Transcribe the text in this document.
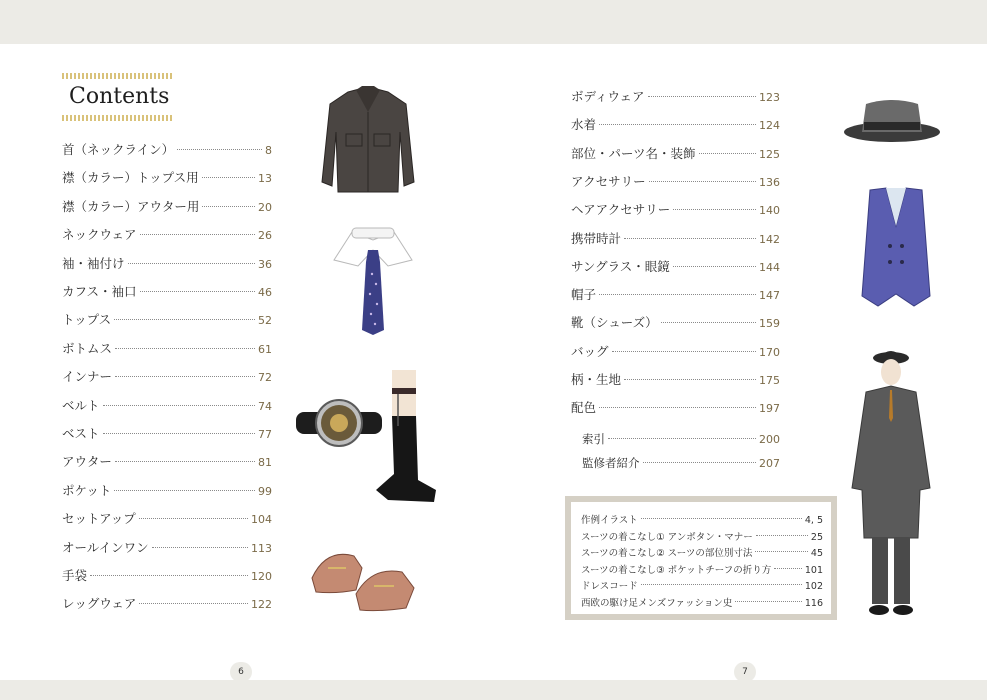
Contents
首（ネックライン）	8
襟（カラー）トップス用	13
襟（カラー）アウター用	20
ネックウェア	26
袖・袖付け	36
カフス・袖口	46
トップス	52
ボトムス	61
インナー	72
ベルト	74
ベスト	77
アウター	81
ポケット	99
セットアップ	104
オールインワン	113
手袋	120
レッグウェア	122
ボディウェア	123
水着	124
部位・パーツ名・装飾	125
アクセサリー	136
ヘアアクセサリー	140
携帯時計	142
サングラス・眼鏡	144
帽子	147
靴（シューズ）	159
バッグ	170
柄・生地	175
配色	197
索引	200
監修者紹介	207
作例イラスト	4, 5
スーツの着こなし① アンボタン・マナー	25
スーツの着こなし② スーツの部位別寸法	45
スーツの着こなし③ ポケットチーフの折り方	101
ドレスコード	102
西欧の駆け足メンズファッション史	116
6	7
